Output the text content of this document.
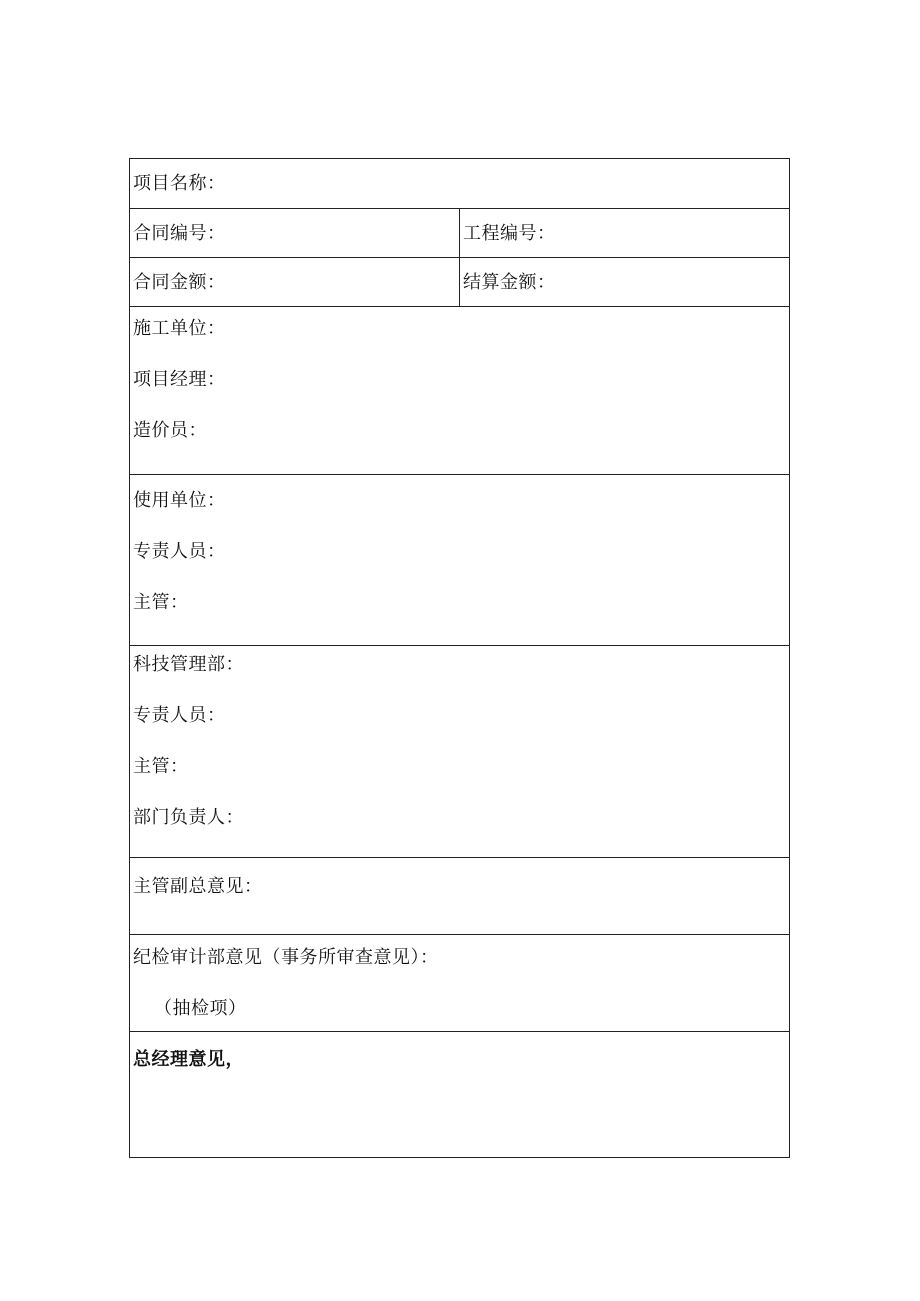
项目名称：
合同编号：	工程编号：
合同金额：	结算金额：
施工单位：
项目经理：
造价员：
使用单位：
专责人员：
主管：
科技管理部：
专责人员：
主管：
部门负责人：
主管副总意见：
纪检审计部意见（事务所审查意见）：
（抽检项）
总经理意见，
